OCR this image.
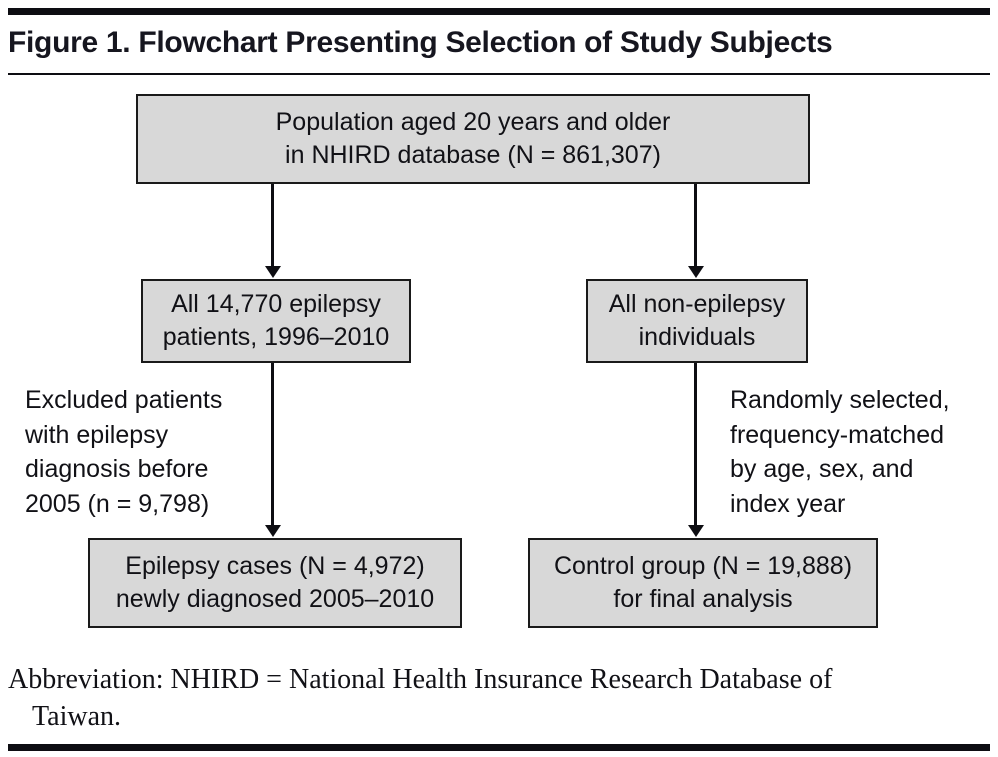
Figure 1. Flowchart Presenting Selection of Study Subjects
Population aged 20 years and older
in NHIRD database (N = 861,307)
All 14,770 epilepsy
patients, 1996–2010
All non-epilepsy
individuals
Excluded patients
with epilepsy
diagnosis before
2005 (n = 9,798)
Randomly selected,
frequency-matched
by age, sex, and
index year
Epilepsy cases (N = 4,972)
newly diagnosed 2005–2010
Control group (N = 19,888)
for final analysis
Abbreviation: NHIRD = National Health Insurance Research Database of
Taiwan.
